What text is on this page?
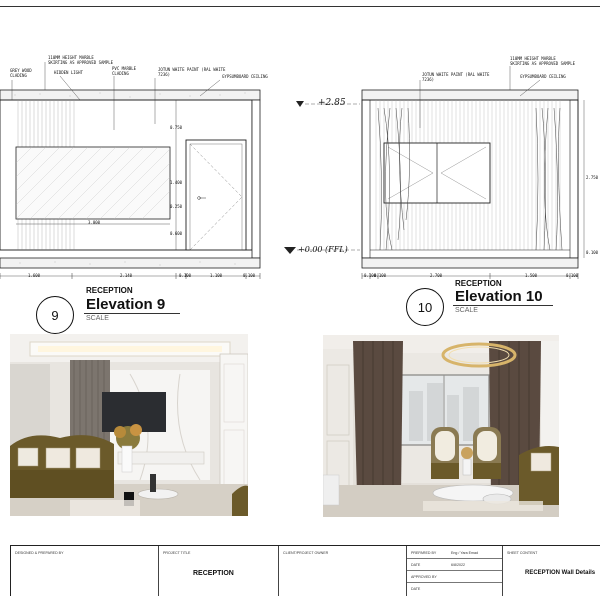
GREY WOOD CLADING
110MM HEIGHT MARBLE SKIRTING AS APPROVED SAMPLE
HIDDEN LIGHT
PVC MARBLE CLADING
JOTUN WHITE PAINT (RAL WHITE 7236)	GYPSUMBOARD CEILING
1.600	2.140	0.100	1.100	0.100
3.000
0.750
1.400
0.250
0.600
JOTUN WHITE PAINT (RAL WHITE 7236)
110MM HEIGHT MARBLE SKIRTING AS APPROVED SAMPLE
GYPSUMBOARD CEILING
+2.85
+0.00 (FFL)
0.100
0.100	2.700	1.500	0.100
2.750
0.100
9
RECEPTION
Elevation 9
SCALE
10
RECEPTION
Elevation 10
SCALE
DESIGNED & PREPARED BY	PROJECT TITLE
RECEPTION
CLIENT/PROJECT OWNER	PREPARED BY	Eng / Yara Emad
DATE	6/8/2022
APPROVED BY
DATE
SHEET CONTENT
RECEPTION Wall Details
